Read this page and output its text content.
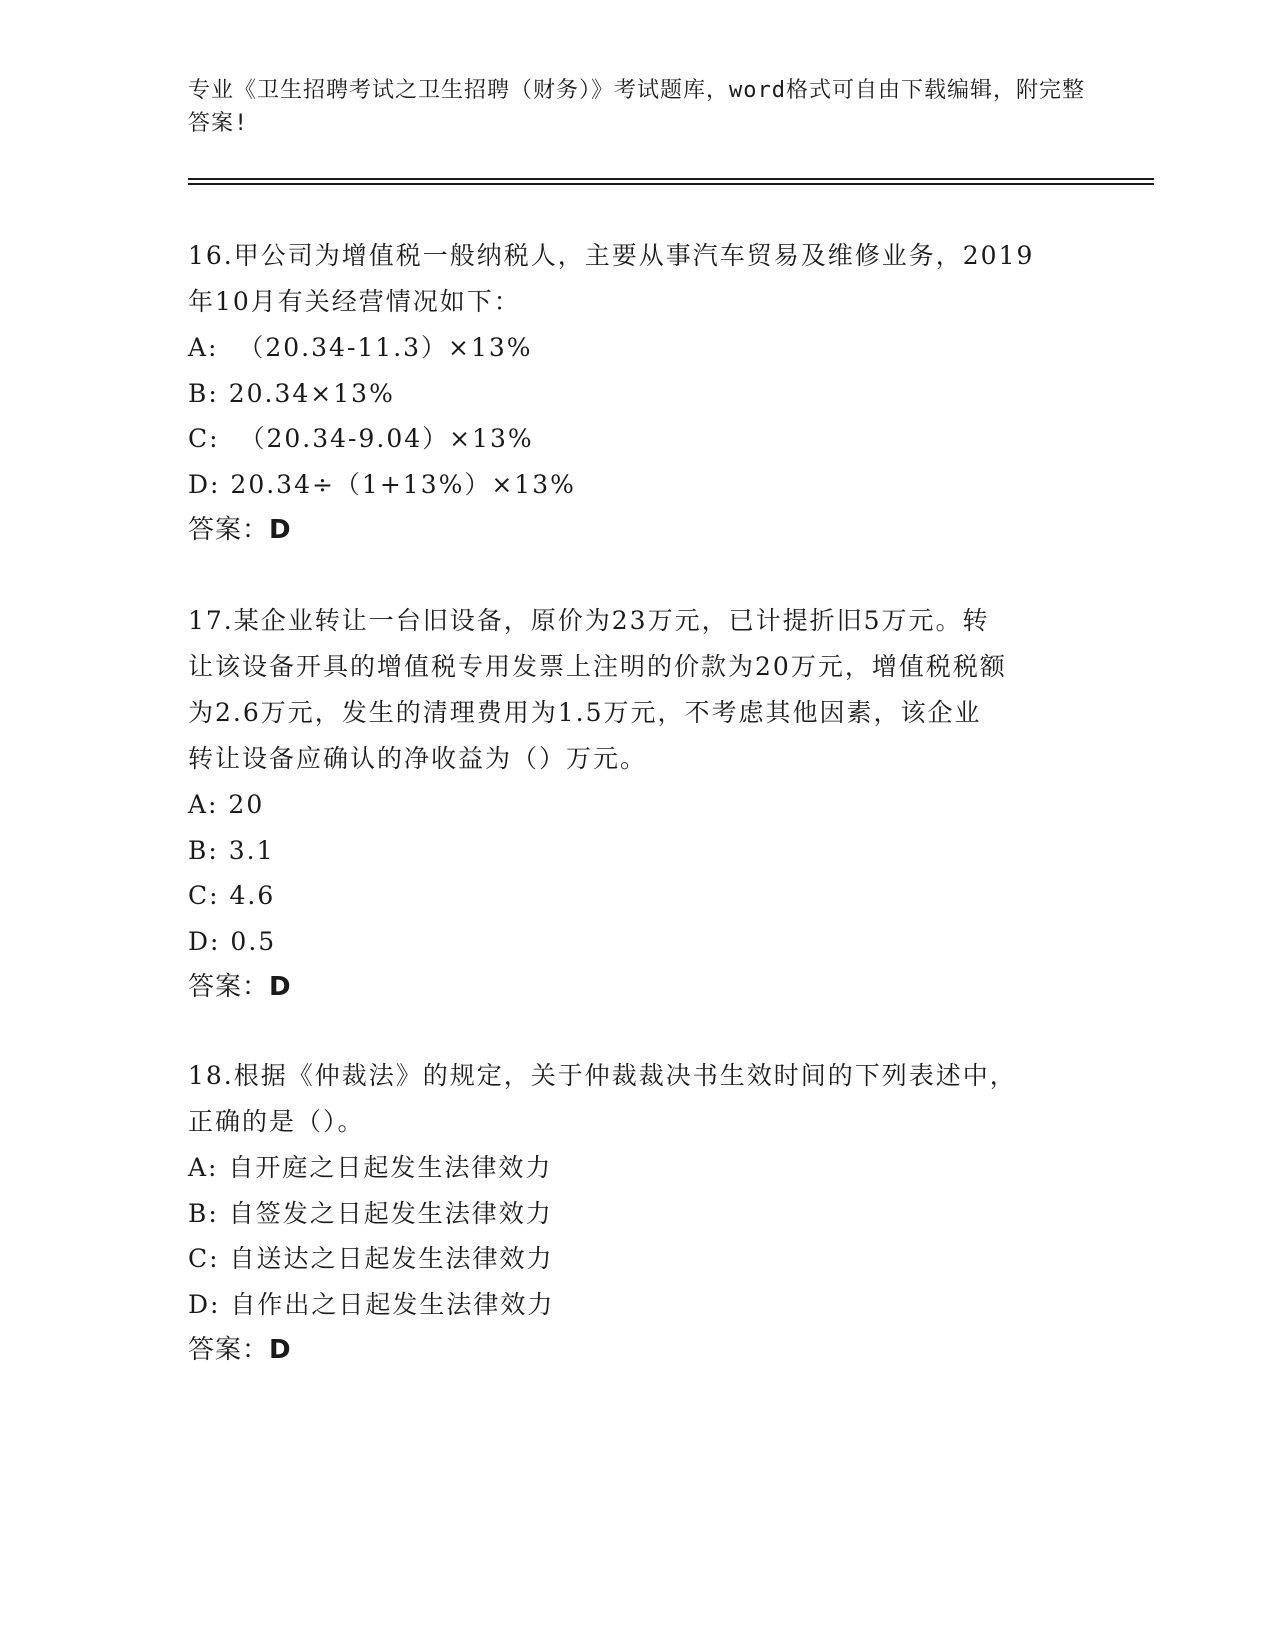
专业《卫生招聘考试之卫生招聘（财务）》考试题库，word格式可自由下载编辑，附完整答案!

16.甲公司为增值税一般纳税人，主要从事汽车贸易及维修业务，2019

年10月有关经营情况如下：

A:  （20.34-11.3）×13%

B: 20.34×13%

C:  （20.34-9.04）×13%

D: 20.34÷（1+13%）×13%

答案：D

17.某企业转让一台旧设备，原价为23万元，已计提折旧5万元。转

让该设备开具的增值税专用发票上注明的价款为20万元，增值税税额

为2.6万元，发生的清理费用为1.5万元，不考虑其他因素，该企业

转让设备应确认的净收益为（）万元。

A: 20

B: 3.1

C: 4.6

D: 0.5

答案：D

18.根据《仲裁法》的规定，关于仲裁裁决书生效时间的下列表述中，

正确的是（）。

A: 自开庭之日起发生法律效力

B: 自签发之日起发生法律效力

C: 自送达之日起发生法律效力

D: 自作出之日起发生法律效力

答案：D
